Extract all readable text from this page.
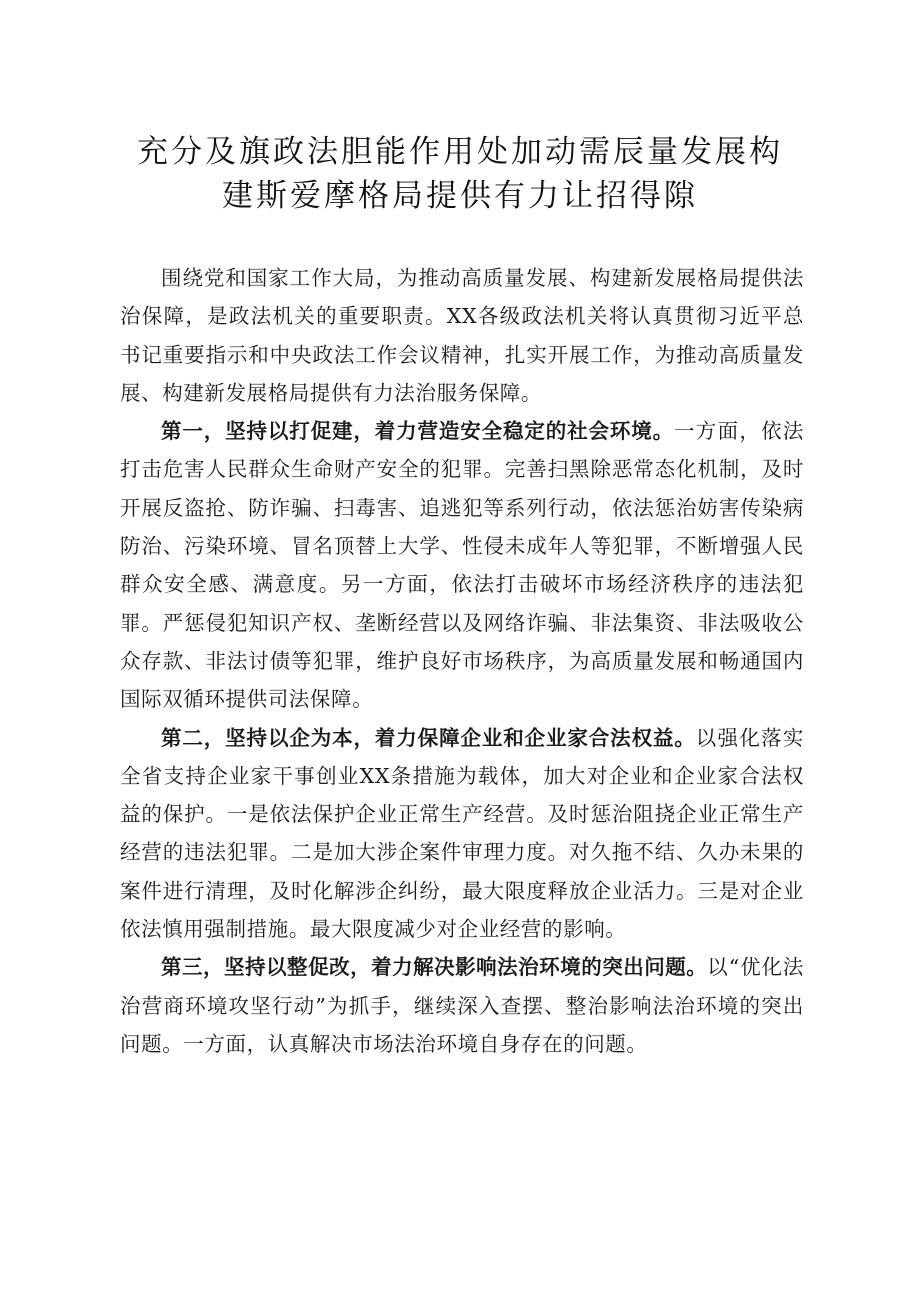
充分及旗政法胆能作用处加动需辰量发展构
建斯爱摩格局提供有力让招得隙

围绕党和国家工作大局，为推动高质量发展、构建新发展格局提供法治保障，是政法机关的重要职责。XX各级政法机关将认真贯彻习近平总书记重要指示和中央政法工作会议精神，扎实开展工作，为推动高质量发展、构建新发展格局提供有力法治服务保障。

第一，坚持以打促建，着力营造安全稳定的社会环境。一方面，依法打击危害人民群众生命财产安全的犯罪。完善扫黑除恶常态化机制，及时开展反盗抢、防诈骗、扫毒害、追逃犯等系列行动，依法惩治妨害传染病防治、污染环境、冒名顶替上大学、性侵未成年人等犯罪，不断增强人民群众安全感、满意度。另一方面，依法打击破坏市场经济秩序的违法犯罪。严惩侵犯知识产权、垄断经营以及网络诈骗、非法集资、非法吸收公众存款、非法讨债等犯罪，维护良好市场秩序，为高质量发展和畅通国内国际双循环提供司法保障。

第二，坚持以企为本，着力保障企业和企业家合法权益。以强化落实全省支持企业家干事创业XX条措施为载体，加大对企业和企业家合法权益的保护。一是依法保护企业正常生产经营。及时惩治阻挠企业正常生产经营的违法犯罪。二是加大涉企案件审理力度。对久拖不结、久办未果的案件进行清理，及时化解涉企纠纷，最大限度释放企业活力。三是对企业依法慎用强制措施。最大限度减少对企业经营的影响。

第三，坚持以整促改，着力解决影响法治环境的突出问题。以“优化法治营商环境攻坚行动”为抓手，继续深入查摆、整治影响法治环境的突出问题。一方面，认真解决市场法治环境自身存在的问题。
